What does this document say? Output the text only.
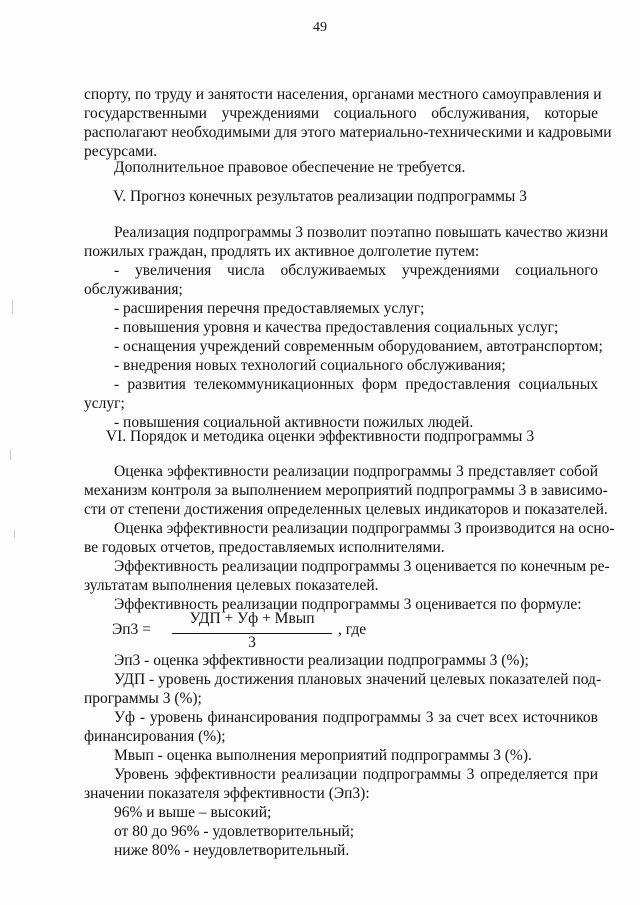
49
спорту, по труду и занятости населения, органами местного самоуправления и
государственными учреждениями социального обслуживания, которые
располагают необходимыми для этого материально-техническими и кадровыми
ресурсами.
Дополнительное правовое обеспечение не требуется.
V. Прогноз конечных результатов реализации подпрограммы 3
Реализация подпрограммы 3 позволит поэтапно повышать качество жизни
пожилых граждан, продлять их активное долголетие путем:
- увеличения числа обслуживаемых учреждениями социального
обслуживания;
- расширения перечня предоставляемых услуг;
- повышения уровня и качества предоставления социальных услуг;
- оснащения учреждений современным оборудованием, автотранспортом;
- внедрения новых технологий социального обслуживания;
- развития телекоммуникационных форм предоставления социальных
услуг;
- повышения социальной активности пожилых людей.
VI. Порядок и методика оценки эффективности подпрограммы 3
Оценка эффективности реализации подпрограммы 3 представляет собой
механизм контроля за выполнением мероприятий подпрограммы 3 в зависимо-
сти от степени достижения определенных целевых индикаторов и показателей.
Оценка эффективности реализации подпрограммы 3 производится на осно-
ве годовых отчетов, предоставляемых исполнителями.
Эффективность реализации подпрограммы 3 оценивается по конечным ре-
зультатам выполнения целевых показателей.
Эффективность реализации подпрограммы 3 оценивается по формуле:
Эп3 =
УДП + Уф + Мвып
3
, где
Эп3 - оценка эффективности реализации подпрограммы 3 (%);
УДП - уровень достижения плановых значений целевых показателей под-
программы 3 (%);
Уф - уровень финансирования подпрограммы 3 за счет всех источников
финансирования (%);
Мвып - оценка выполнения мероприятий подпрограммы 3 (%).
Уровень эффективности реализации подпрограммы 3 определяется при
значении показателя эффективности (Эп3):
96% и выше – высокий;
от 80 до 96% - удовлетворительный;
ниже 80% - неудовлетворительный.
